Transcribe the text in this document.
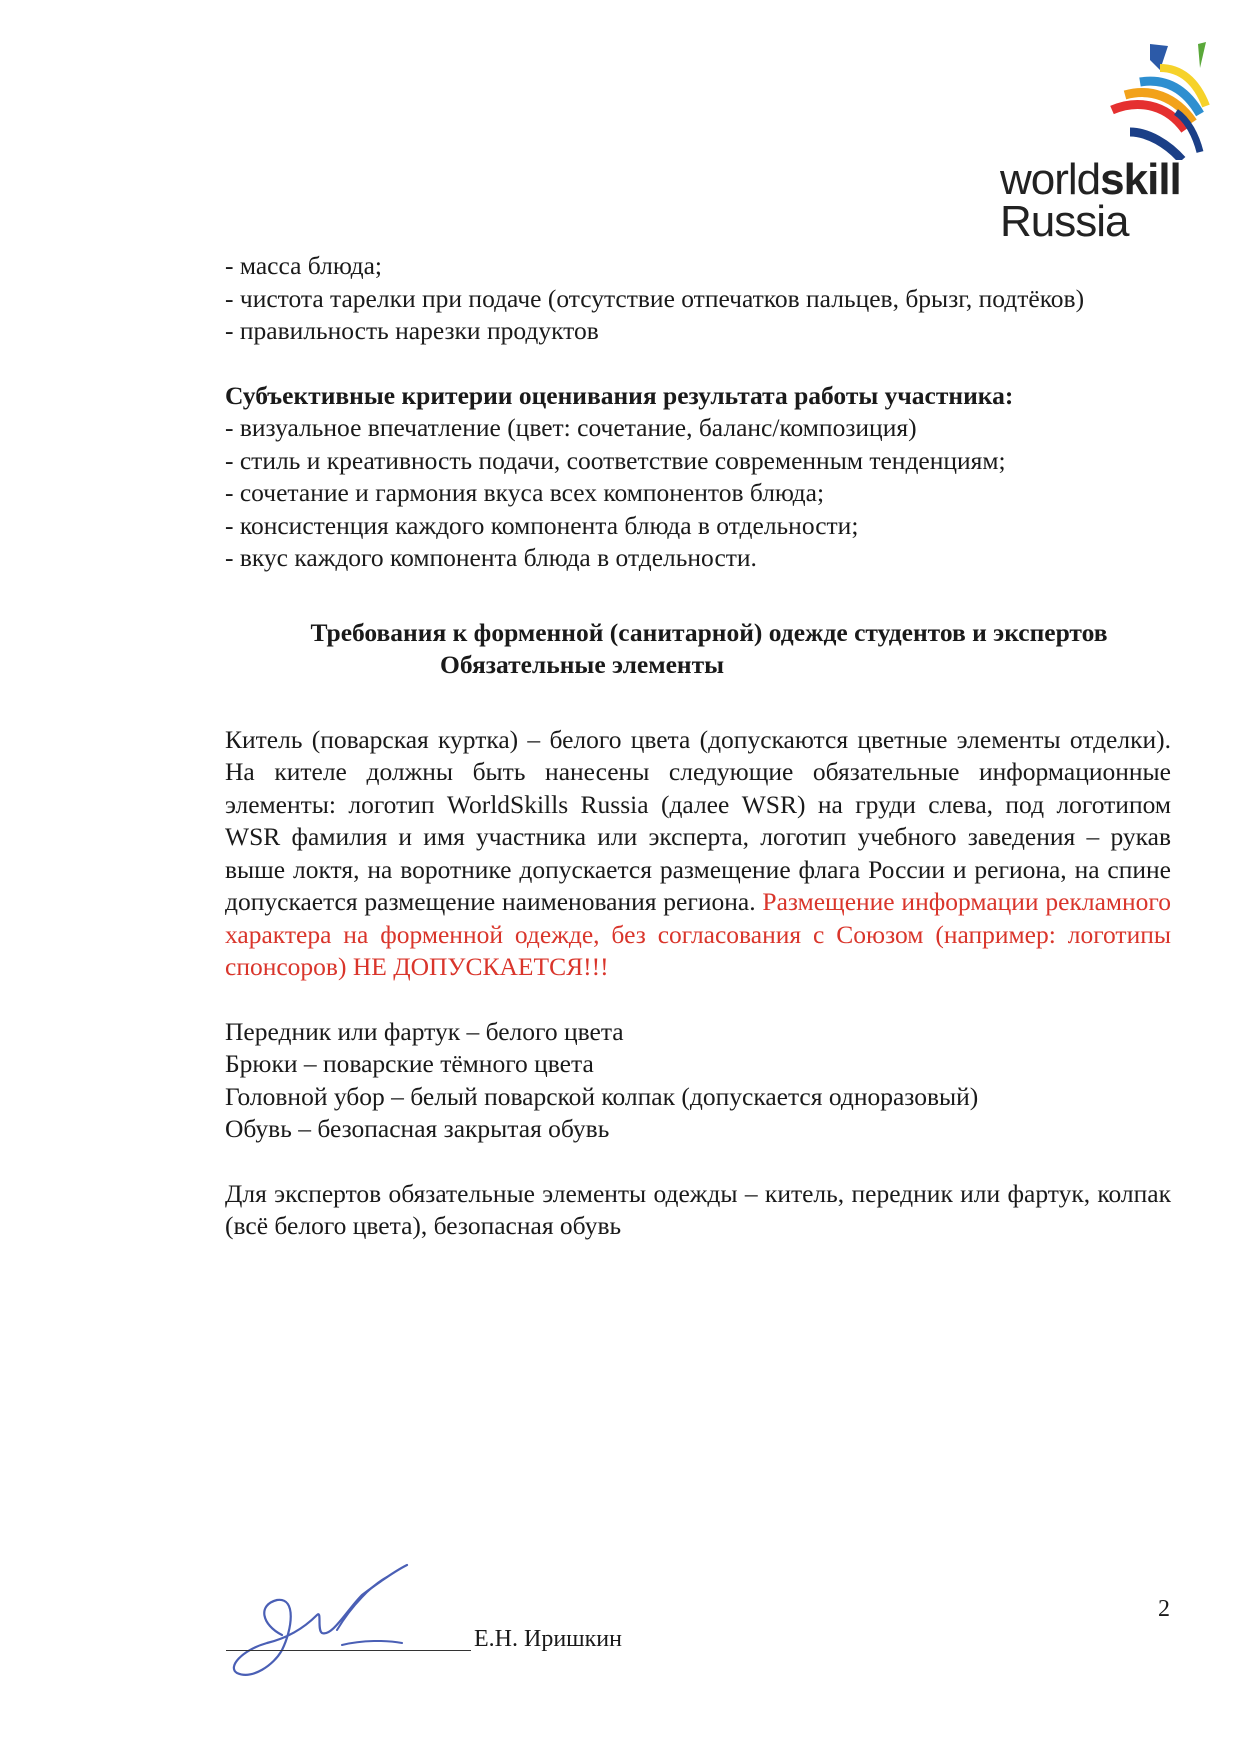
worldskill
Russia

- масса блюда;

- чистота тарелки при подаче (отсутствие отпечатков пальцев, брызг, подтёков)

- правильность нарезки продуктов

Субъективные критерии оценивания результата работы участника:

- визуальное впечатление (цвет: сочетание, баланс/композиция)

- стиль и креативность подачи, соответствие современным тенденциям;

- сочетание и гармония вкуса всех компонентов блюда;

- консистенция каждого компонента блюда в отдельности;

- вкус каждого компонента блюда в отдельности.

Требования к форменной (санитарной) одежде студентов и экспертов

Обязательные элементы

Китель (поварская куртка) – белого цвета (допускаются цветные элементы отделки). На кителе должны быть нанесены следующие обязательные информационные элементы: логотип WorldSkills Russia (далее WSR) на груди слева, под логотипом WSR фамилия и имя участника или эксперта, логотип учебного заведения – рукав выше локтя, на воротнике допускается размещение флага России и региона, на спине допускается размещение наименования региона. Размещение информации рекламного характера на форменной одежде, без согласования с Союзом (например: логотипы спонсоров) НЕ ДОПУСКАЕТСЯ!!!

Передник или фартук – белого цвета

Брюки – поварские тёмного цвета

Головной убор – белый поварской колпак (допускается одноразовый)

Обувь – безопасная закрытая обувь

Для экспертов обязательные элементы одежды – китель, передник или фартук, колпак (всё белого цвета), безопасная обувь

2
Е.Н. Иришкин
